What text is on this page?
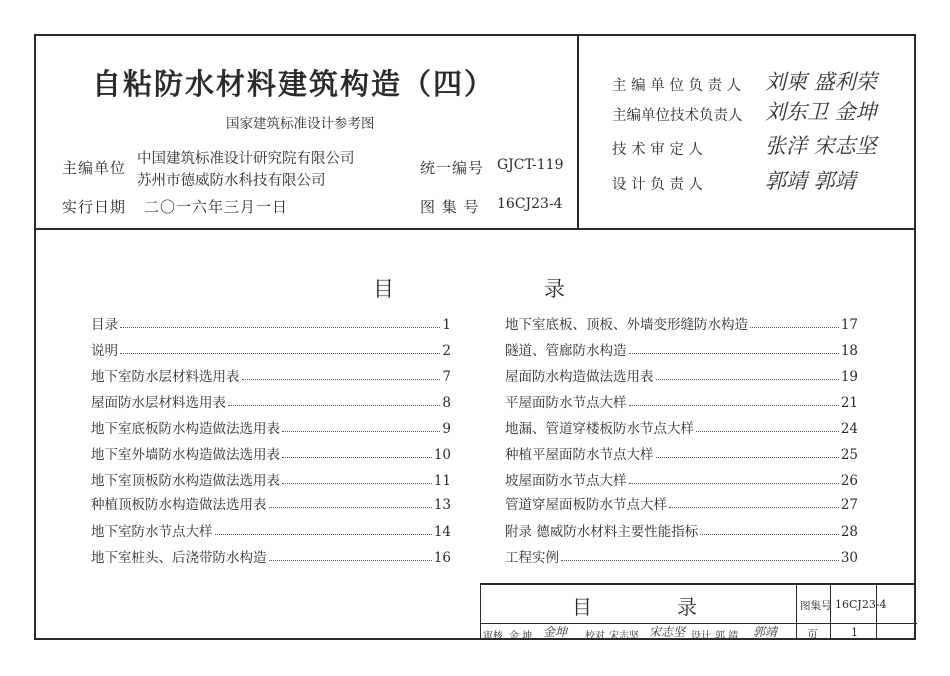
自粘防水材料建筑构造（四）
国家建筑标准设计参考图
主编单位 中国建筑标准设计研究院有限公司
苏州市德威防水科技有限公司
实行日期 二〇一六年三月一日
统一编号 GJCT-119
图 集 号 16CJ23-4
主 编 单 位 负 责 人 刘柬 盛利荣
主编单位技术负责人 刘东卫 金坤
技 术 审 定 人	张洋 宋志坚
设 计 负 责 人	郭靖 郭靖
目	录
目录	1
说明	2
地下室防水层材料选用表	7
屋面防水层材料选用表	8
地下室底板防水构造做法选用表	9
地下室外墙防水构造做法选用表	10
地下室顶板防水构造做法选用表	11
种植顶板防水构造做法选用表	13
地下室防水节点大样	14
地下室桩头、后浇带防水构造	16
地下室底板、顶板、外墙变形缝防水构造	17
隧道、管廊防水构造	18
屋面防水构造做法选用表	19
平屋面防水节点大样	21
地漏、管道穿楼板防水节点大样	24
种植平屋面防水节点大样	25
坡屋面防水节点大样	26
管道穿屋面板防水节点大样	27
附录 德威防水材料主要性能指标	28
工程实例	30
目	录	图集号 16CJ23-4
页	1
审核 金 坤 金坤 校对 宋志坚 宋志坚 设计 郭 靖 郭靖
